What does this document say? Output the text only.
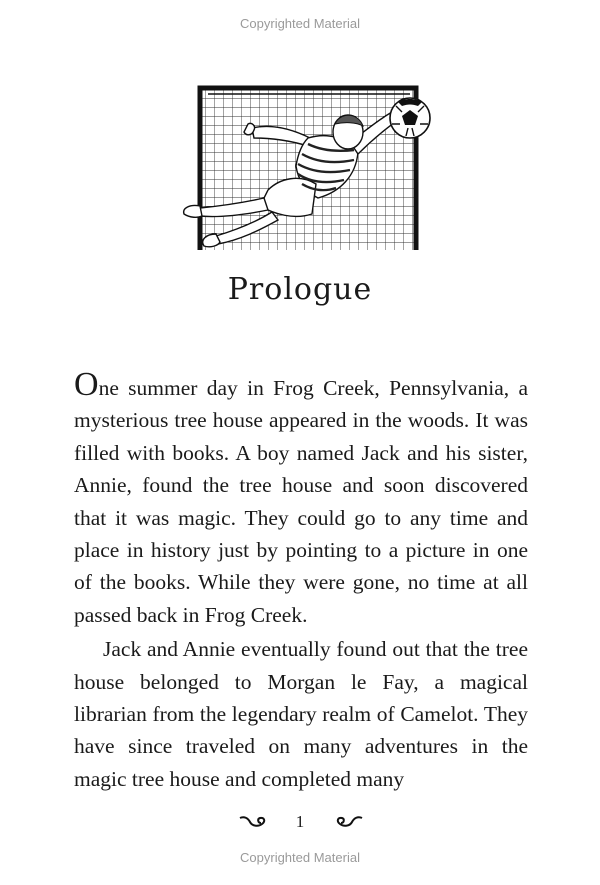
Copyrighted Material
Prologue

One summer day in Frog Creek, Pennsylvania, a mysterious tree house appeared in the woods. It was filled with books. A boy named Jack and his sister, Annie, found the tree house and soon discovered that it was magic. They could go to any time and place in history just by pointing to a picture in one of the books. While they were gone, no time at all passed back in Frog Creek.

Jack and Annie eventually found out that the tree house belonged to Morgan le Fay, a magical librarian from the legendary realm of Camelot. They have since traveled on many adventures in the magic tree house and completed many

1
Copyrighted Material
